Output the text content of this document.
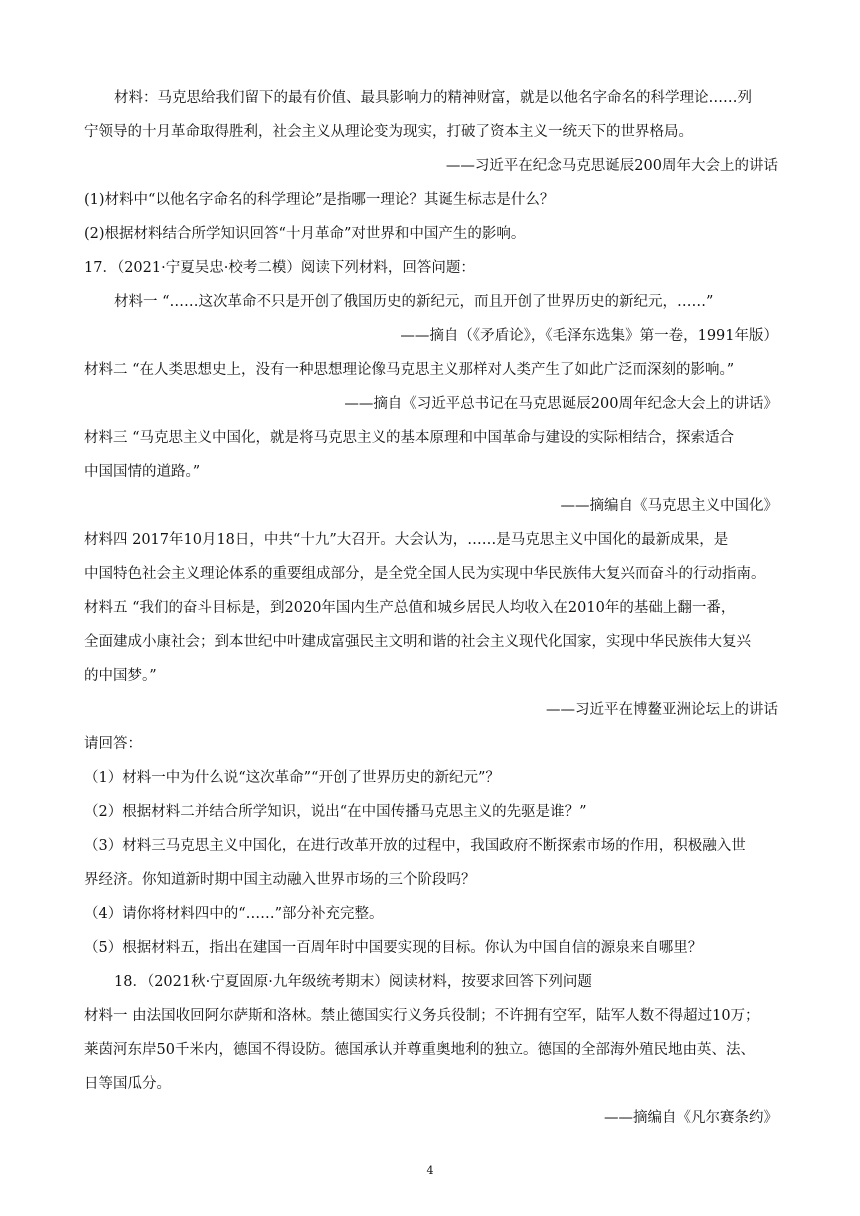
材料：马克思给我们留下的最有价值、最具影响力的精神财富，就是以他名字命名的科学理论……列
宁领导的十月革命取得胜利，社会主义从理论变为现实，打破了资本主义一统天下的世界格局。
——习近平在纪念马克思诞辰200周年大会上的讲话
(1)材料中“以他名字命名的科学理论”是指哪一理论？其诞生标志是什么？
(2)根据材料结合所学知识回答“十月革命”对世界和中国产生的影响。
17．（2021·宁夏吴忠·校考二模）阅读下列材料，回答问题：
材料一 “……这次革命不只是开创了俄国历史的新纪元，而且开创了世界历史的新纪元，……”
——摘自（《矛盾论》，《毛泽东选集》第一卷，1991年版）
材料二 “在人类思想史上，没有一种思想理论像马克思主义那样对人类产生了如此广泛而深刻的影响。”
——摘自《习近平总书记在马克思诞辰200周年纪念大会上的讲话》
材料三 “马克思主义中国化，就是将马克思主义的基本原理和中国革命与建设的实际相结合，探索适合
中国国情的道路。”
——摘编自《马克思主义中国化》
材料四 2017年10月18日，中共“十九”大召开。大会认为，……是马克思主义中国化的最新成果，是
中国特色社会主义理论体系的重要组成部分，是全党全国人民为实现中华民族伟大复兴而奋斗的行动指南。
材料五 “我们的奋斗目标是，到2020年国内生产总值和城乡居民人均收入在2010年的基础上翻一番，
全面建成小康社会；到本世纪中叶建成富强民主文明和谐的社会主义现代化国家，实现中华民族伟大复兴
的中国梦。”
——习近平在博鳌亚洲论坛上的讲话
请回答：
（1）材料一中为什么说“这次革命”“开创了世界历史的新纪元”？
（2）根据材料二并结合所学知识，说出“在中国传播马克思主义的先驱是谁？”
（3）材料三马克思主义中国化，在进行改革开放的过程中，我国政府不断探索市场的作用，积极融入世
界经济。你知道新时期中国主动融入世界市场的三个阶段吗？
（4）请你将材料四中的“……”部分补充完整。
（5）根据材料五，指出在建国一百周年时中国要实现的目标。你认为中国自信的源泉来自哪里？
18．（2021秋·宁夏固原·九年级统考期末）阅读材料，按要求回答下列问题
材料一 由法国收回阿尔萨斯和洛林。禁止德国实行义务兵役制；不许拥有空军，陆军人数不得超过10万；
莱茵河东岸50千米内，德国不得设防。德国承认并尊重奥地利的独立。德国的全部海外殖民地由英、法、
日等国瓜分。
——摘编自《凡尔赛条约》
4
